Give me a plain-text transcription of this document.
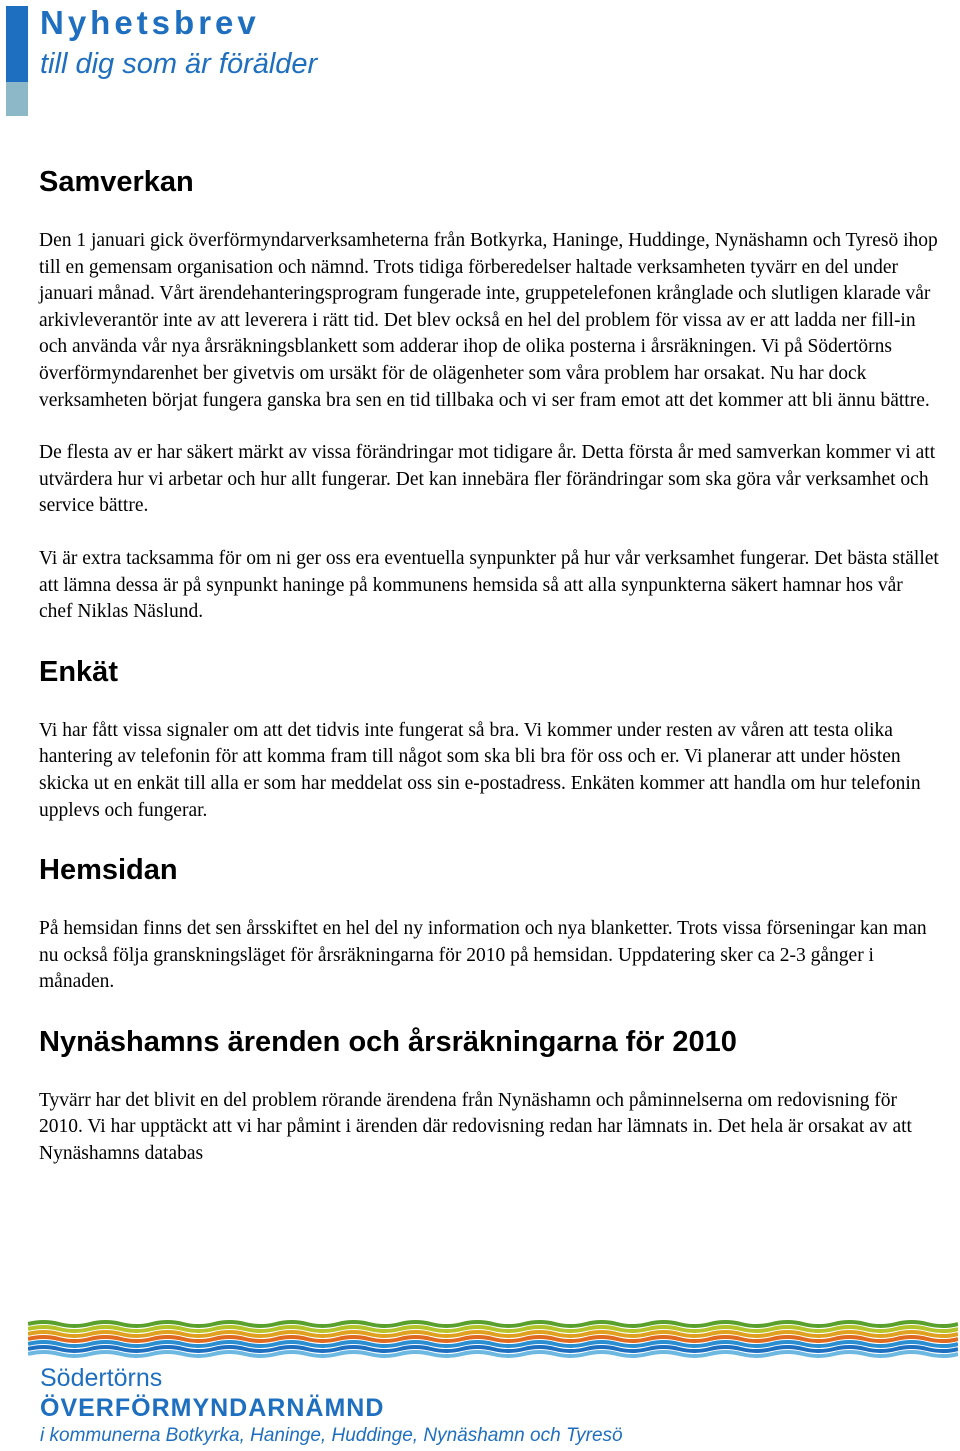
Nyhetsbrev
till dig som är förälder
Samverkan

Den 1 januari gick överförmyndarverksamheterna från Botkyrka, Haninge, Huddinge, Nynäshamn och Tyresö ihop till en gemensam organisation och nämnd. Trots tidiga förberedelser haltade verksamheten tyvärr en del under januari månad. Vårt ärendehanteringsprogram fungerade inte, gruppetelefonen krånglade och slutligen klarade vår arkivleverantör inte av att leverera i rätt tid. Det blev också en hel del problem för vissa av er att ladda ner fill-in och använda vår nya årsräkningsblankett som adderar ihop de olika posterna i årsräkningen. Vi på Södertörns överförmyndarenhet ber givetvis om ursäkt för de olägenheter som våra problem har orsakat. Nu har dock verksamheten börjat fungera ganska bra sen en tid tillbaka och vi ser fram emot att det kommer att bli ännu bättre.

De flesta av er har säkert märkt av vissa förändringar mot tidigare år. Detta första år med samverkan kommer vi att utvärdera hur vi arbetar och hur allt fungerar. Det kan innebära fler förändringar som ska göra vår verksamhet och service bättre.

Vi är extra tacksamma för om ni ger oss era eventuella synpunkter på hur vår verksamhet fungerar. Det bästa stället att lämna dessa är på synpunkt haninge på kommunens hemsida så att alla synpunkterna säkert hamnar hos vår chef Niklas Näslund.

Enkät

Vi har fått vissa signaler om att det tidvis inte fungerat så bra. Vi kommer under resten av våren att testa olika hantering av telefonin för att komma fram till något som ska bli bra för oss och er. Vi planerar att under hösten skicka ut en enkät till alla er som har meddelat oss sin e-postadress. Enkäten kommer att handla om hur telefonin upplevs och fungerar.

Hemsidan

På hemsidan finns det sen årsskiftet en hel del ny information och nya blanketter. Trots vissa förseningar kan man nu också följa granskningsläget för årsräkningarna för 2010 på hemsidan. Uppdatering sker ca 2-3 gånger i månaden.

Nynäshamns ärenden och årsräkningarna för 2010

Tyvärr har det blivit en del problem rörande ärendena från Nynäshamn och påminnelserna om redovisning för 2010. Vi har upptäckt att vi har påmint i ärenden där redovisning redan har lämnats in. Det hela är orsakat av att Nynäshamns databas

Södertörns
ÖVERFÖRMYNDARNÄMND
i kommunerna Botkyrka, Haninge, Huddinge, Nynäshamn och Tyresö
